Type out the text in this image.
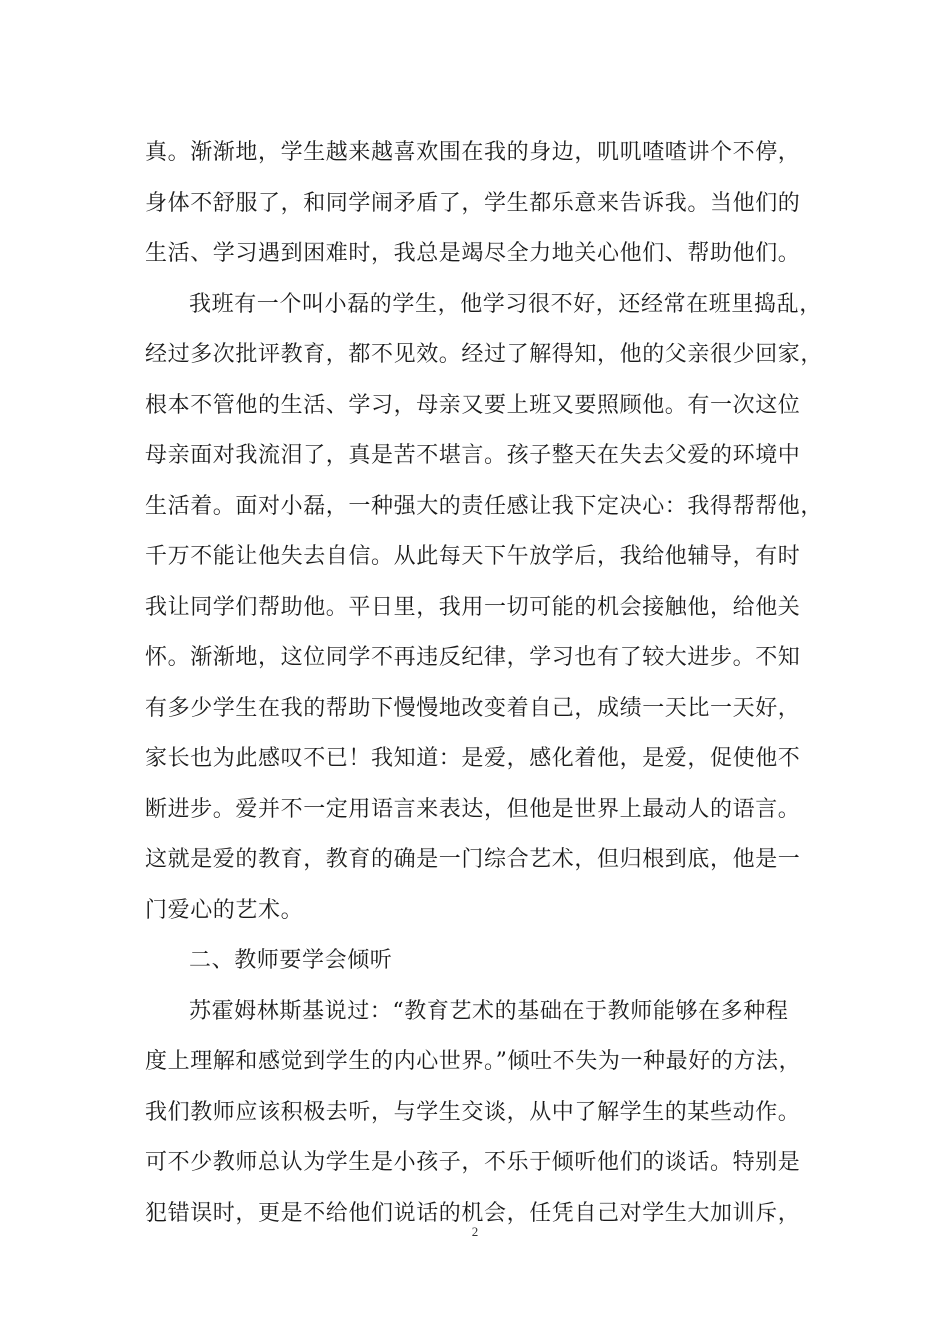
真。渐渐地，学生越来越喜欢围在我的身边，叽叽喳喳讲个不停，
身体不舒服了，和同学闹矛盾了，学生都乐意来告诉我。当他们的
生活、学习遇到困难时，我总是竭尽全力地关心他们、帮助他们。
我班有一个叫小磊的学生，他学习很不好，还经常在班里捣乱，
经过多次批评教育，都不见效。经过了解得知，他的父亲很少回家，
根本不管他的生活、学习，母亲又要上班又要照顾他。有一次这位
母亲面对我流泪了，真是苦不堪言。孩子整天在失去父爱的环境中
生活着。面对小磊，一种强大的责任感让我下定决心：我得帮帮他，
千万不能让他失去自信。从此每天下午放学后，我给他辅导，有时
我让同学们帮助他。平日里，我用一切可能的机会接触他，给他关
怀。渐渐地，这位同学不再违反纪律，学习也有了较大进步。不知
有多少学生在我的帮助下慢慢地改变着自己，成绩一天比一天好，
家长也为此感叹不已！我知道：是爱，感化着他，是爱，促使他不
断进步。爱并不一定用语言来表达，但他是世界上最动人的语言。
这就是爱的教育，教育的确是一门综合艺术，但归根到底，他是一
门爱心的艺术。
二、教师要学会倾听
苏霍姆林斯基说过：“教育艺术的基础在于教师能够在多种程
度上理解和感觉到学生的内心世界。”倾吐不失为一种最好的方法，
我们教师应该积极去听，与学生交谈，从中了解学生的某些动作。
可不少教师总认为学生是小孩子，不乐于倾听他们的谈话。特别是
犯错误时，更是不给他们说话的机会，任凭自己对学生大加训斥，
2
